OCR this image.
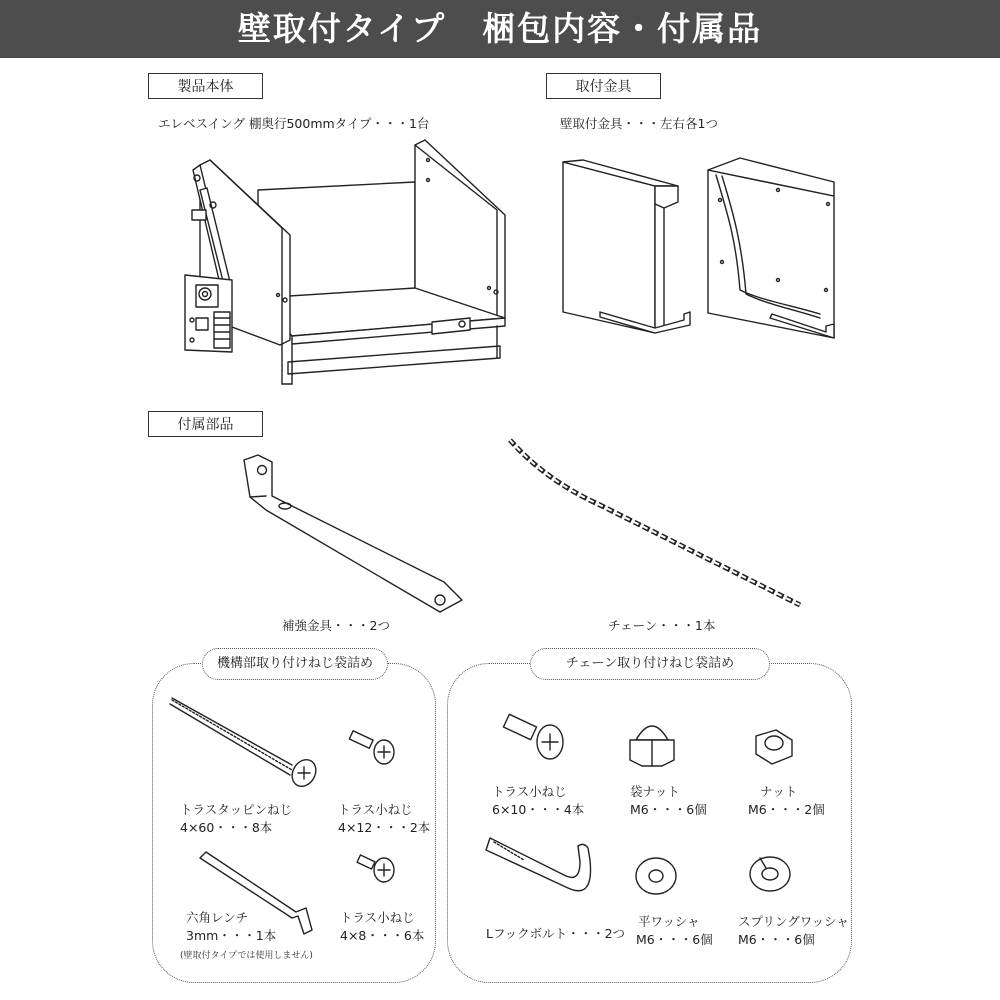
壁取付タイプ 梱包内容・付属品
製品本体
エレベスイング 棚奥行500mmタイプ・・・1台
取付金具
壁取付金具・・・左右各1つ
付属部品
補強金具・・・2つ	チェーン・・・1本
機構部取り付けねじ袋詰め
トラスタッピンねじ
4×60・・・8本
トラス小ねじ
4×12・・・2本
六角レンチ
3mm・・・1本
(壁取付タイプでは使用しません)
トラス小ねじ
4×8・・・6本
チェーン取り付けねじ袋詰め
トラス小ねじ
6×10・・・4本
袋ナット
M6・・・6個
ナット
M6・・・2個
Lフックボルト・・・2つ
平ワッシャ
M6・・・6個
スプリングワッシャ
M6・・・6個
